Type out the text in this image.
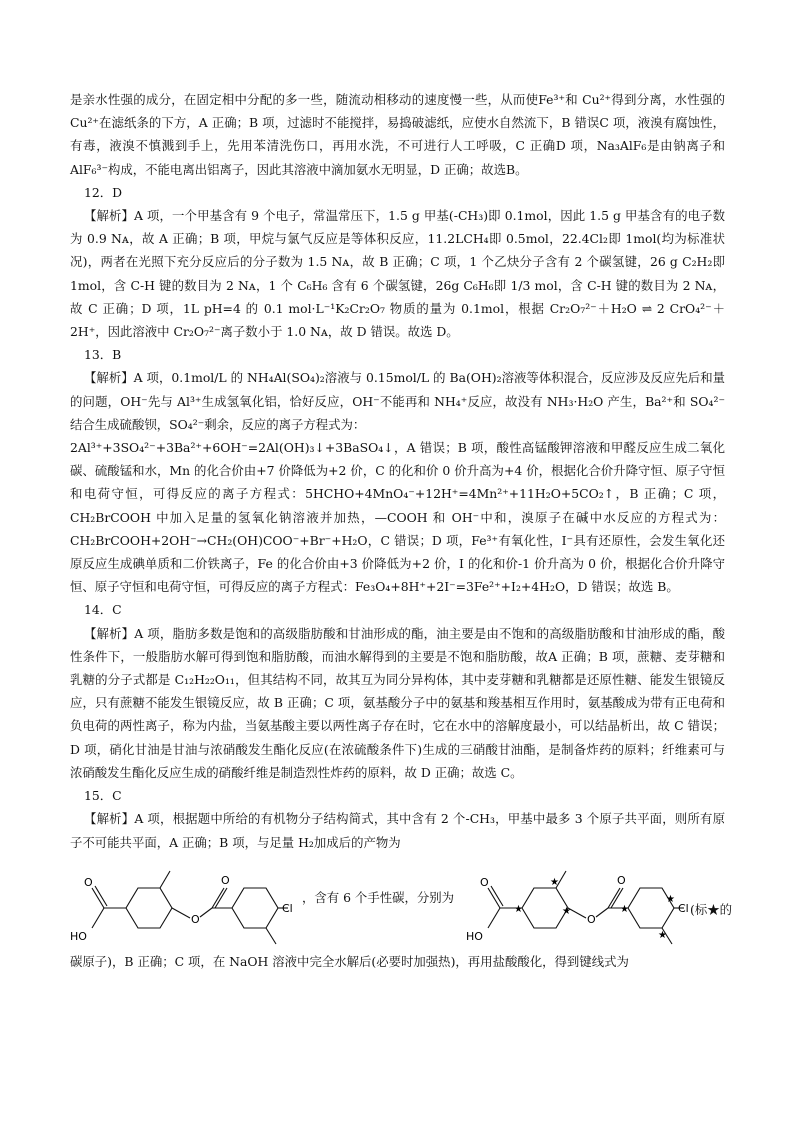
是亲水性强的成分，在固定相中分配的多一些，随流动相移动的速度慢一些，从而使Fe³⁺和 Cu²⁺得到分离，水性强的Cu²⁺在滤纸条的下方，A 正确；B 项，过滤时不能搅拌，易捣破滤纸，应使水自然流下，B 错误C 项，液溴有腐蚀性，有毒，液溴不慎溅到手上，先用苯清洗伤口，再用水洗，不可进行人工呼吸，C 正确D 项，Na₃AlF₆是由钠离子和 AlF₆³⁻构成，不能电离出铝离子，因此其溶液中滴加氨水无明显，D 正确；故选B。

12．D

【解析】A 项，一个甲基含有 9 个电子，常温常压下，1.5 g 甲基(-CH₃)即 0.1mol，因此 1.5 g 甲基含有的电子数为 0.9 Nᴀ，故 A 正确；B 项，甲烷与氯气反应是等体积反应，11.2LCH₄即 0.5mol，22.4Cl₂即 1mol(均为标准状况)，两者在光照下充分反应后的分子数为 1.5 Nᴀ，故 B 正确；C 项，1 个乙炔分子含有 2 个碳氢键，26 g C₂H₂即 1mol，含 C-H 键的数目为 2 Nᴀ，1 个 C₆H₆ 含有 6 个碳氢键，26g C₆H₆即 1/3 mol，含 C-H 键的数目为 2 Nᴀ，故 C 正确；D 项，1L pH=4 的 0.1 mol·L⁻¹K₂Cr₂O₇ 物质的量为 0.1mol，根据 Cr₂O₇²⁻＋H₂O ⇌ 2 CrO₄²⁻＋2H⁺，因此溶液中 Cr₂O₇²⁻离子数小于 1.0 Nᴀ，故 D 错误。故选 D。

13．B

【解析】A 项，0.1mol/L 的 NH₄Al(SO₄)₂溶液与 0.15mol/L 的 Ba(OH)₂溶液等体积混合，反应涉及反应先后和量的问题，OH⁻先与 Al³⁺生成氢氧化铝，恰好反应，OH⁻不能再和 NH₄⁺反应，故没有 NH₃·H₂O 产生，Ba²⁺和 SO₄²⁻结合生成硫酸钡，SO₄²⁻剩余，反应的离子方程式为：

2Al³⁺+3SO₄²⁻+3Ba²⁺+6OH⁻=2Al(OH)₃↓+3BaSO₄↓，A 错误；B 项，酸性高锰酸钾溶液和甲醛反应生成二氧化碳、硫酸锰和水，Mn 的化合价由+7 价降低为+2 价，C 的化和价 0 价升高为+4 价，根据化合价升降守恒、原子守恒和电荷守恒，可得反应的离子方程式：5HCHO+4MnO₄⁻+12H⁺=4Mn²⁺+11H₂O+5CO₂↑，B 正确；C 项，CH₂BrCOOH 中加入足量的氢氧化钠溶液并加热，—COOH 和 OH⁻中和，溴原子在碱中水反应的方程式为：CH₂BrCOOH+2OH⁻→CH₂(OH)COO⁻+Br⁻+H₂O，C 错误；D 项，Fe³⁺有氧化性，I⁻具有还原性，会发生氧化还原反应生成碘单质和二价铁离子，Fe 的化合价由+3 价降低为+2 价，I 的化和价-1 价升高为 0 价，根据化合价升降守恒、原子守恒和电荷守恒，可得反应的离子方程式：Fe₃O₄+8H⁺+2I⁻=3Fe²⁺+I₂+4H₂O，D 错误；故选 B。

14．C

【解析】A 项，脂肪多数是饱和的高级脂肪酸和甘油形成的酯，油主要是由不饱和的高级脂肪酸和甘油形成的酯，酸性条件下，一般脂肪水解可得到饱和脂肪酸，而油水解得到的主要是不饱和脂肪酸，故A 正确；B 项，蔗糖、麦芽糖和乳糖的分子式都是 C₁₂H₂₂O₁₁，但其结构不同，故其互为同分异构体，其中麦芽糖和乳糖都是还原性糖、能发生银镜反应，只有蔗糖不能发生银镜反应，故 B 正确；C 项，氨基酸分子中的氨基和羧基相互作用时，氨基酸成为带有正电荷和负电荷的两性离子，称为内盐，当氨基酸主要以两性离子存在时，它在水中的溶解度最小，可以结晶析出，故 C 错误；D 项，硝化甘油是甘油与浓硝酸发生酯化反应(在浓硫酸条件下)生成的三硝酸甘油酯，是制备炸药的原料；纤维素可与浓硝酸发生酯化反应生成的硝酸纤维是制造烈性炸药的原料，故 D 正确；故选 C。

15．C

【解析】A 项，根据题中所给的有机物分子结构简式，其中含有 2 个-CH₃，甲基中最多 3 个原子共平面，则所有原子不可能共平面，A 正确；B 项，与足量 H₂加成后的产物为

O
HO
O
O
Cl
，含有 6 个手性碳，分别为
O
HO
O
O
Cl
★
★
★	★
★
★
(标★的

碳原子)，B 正确；C 项，在 NaOH 溶液中完全水解后(必要时加强热)，再用盐酸酸化，得到键线式为
